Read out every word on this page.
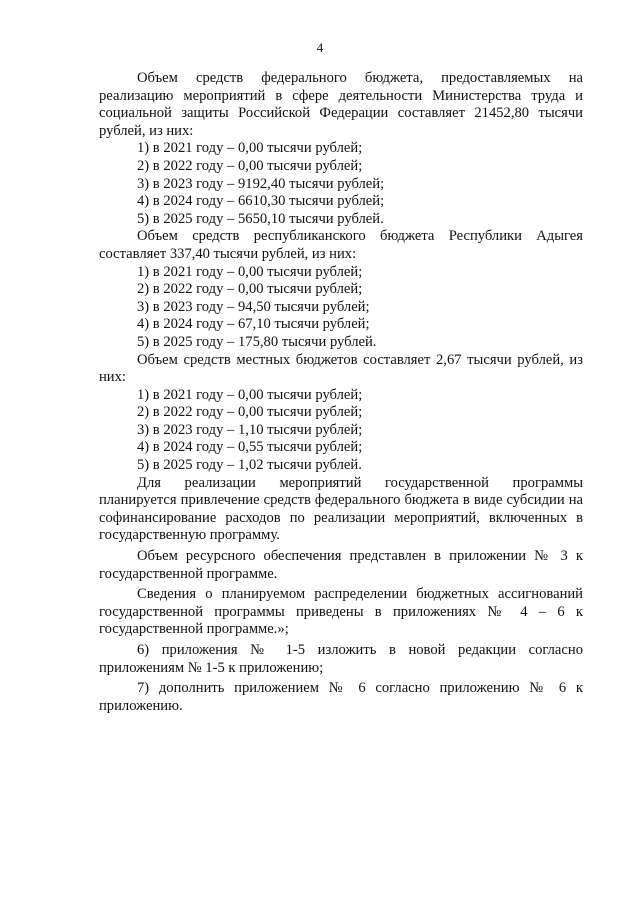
4

Объем средств федерального бюджета, предоставляемых на реализацию мероприятий в сфере деятельности Министерства труда и социальной защиты Российской Федерации составляет 21452,80 тысячи рублей, из них:

1) в 2021 году – 0,00 тысячи рублей;

2) в 2022 году – 0,00 тысячи рублей;

3) в 2023 году – 9192,40 тысячи рублей;

4) в 2024 году – 6610,30 тысячи рублей;

5) в 2025 году – 5650,10 тысячи рублей.

Объем средств республиканского бюджета Республики Адыгея составляет 337,40 тысячи рублей, из них:

1) в 2021 году – 0,00 тысячи рублей;

2) в 2022 году – 0,00 тысячи рублей;

3) в 2023 году – 94,50 тысячи рублей;

4) в 2024 году – 67,10 тысячи рублей;

5) в 2025 году – 175,80 тысячи рублей.

Объем средств местных бюджетов составляет 2,67 тысячи рублей, из них:

1) в 2021 году – 0,00 тысячи рублей;

2) в 2022 году – 0,00 тысячи рублей;

3) в 2023 году – 1,10 тысячи рублей;

4) в 2024 году – 0,55 тысячи рублей;

5) в 2025 году – 1,02 тысячи рублей.

Для реализации мероприятий государственной программы планируется привлечение средств федерального бюджета в виде субсидии на софинансирование расходов по реализации мероприятий, включенных в государственную программу.

Объем ресурсного обеспечения представлен в приложении № 3 к государственной программе.

Сведения о планируемом распределении бюджетных ассигнований государственной программы приведены в приложениях № 4 – 6 к государственной программе.»;

6) приложения № 1-5 изложить в новой редакции согласно приложениям № 1-5 к приложению;

7) дополнить приложением № 6 согласно приложению № 6 к приложению.
